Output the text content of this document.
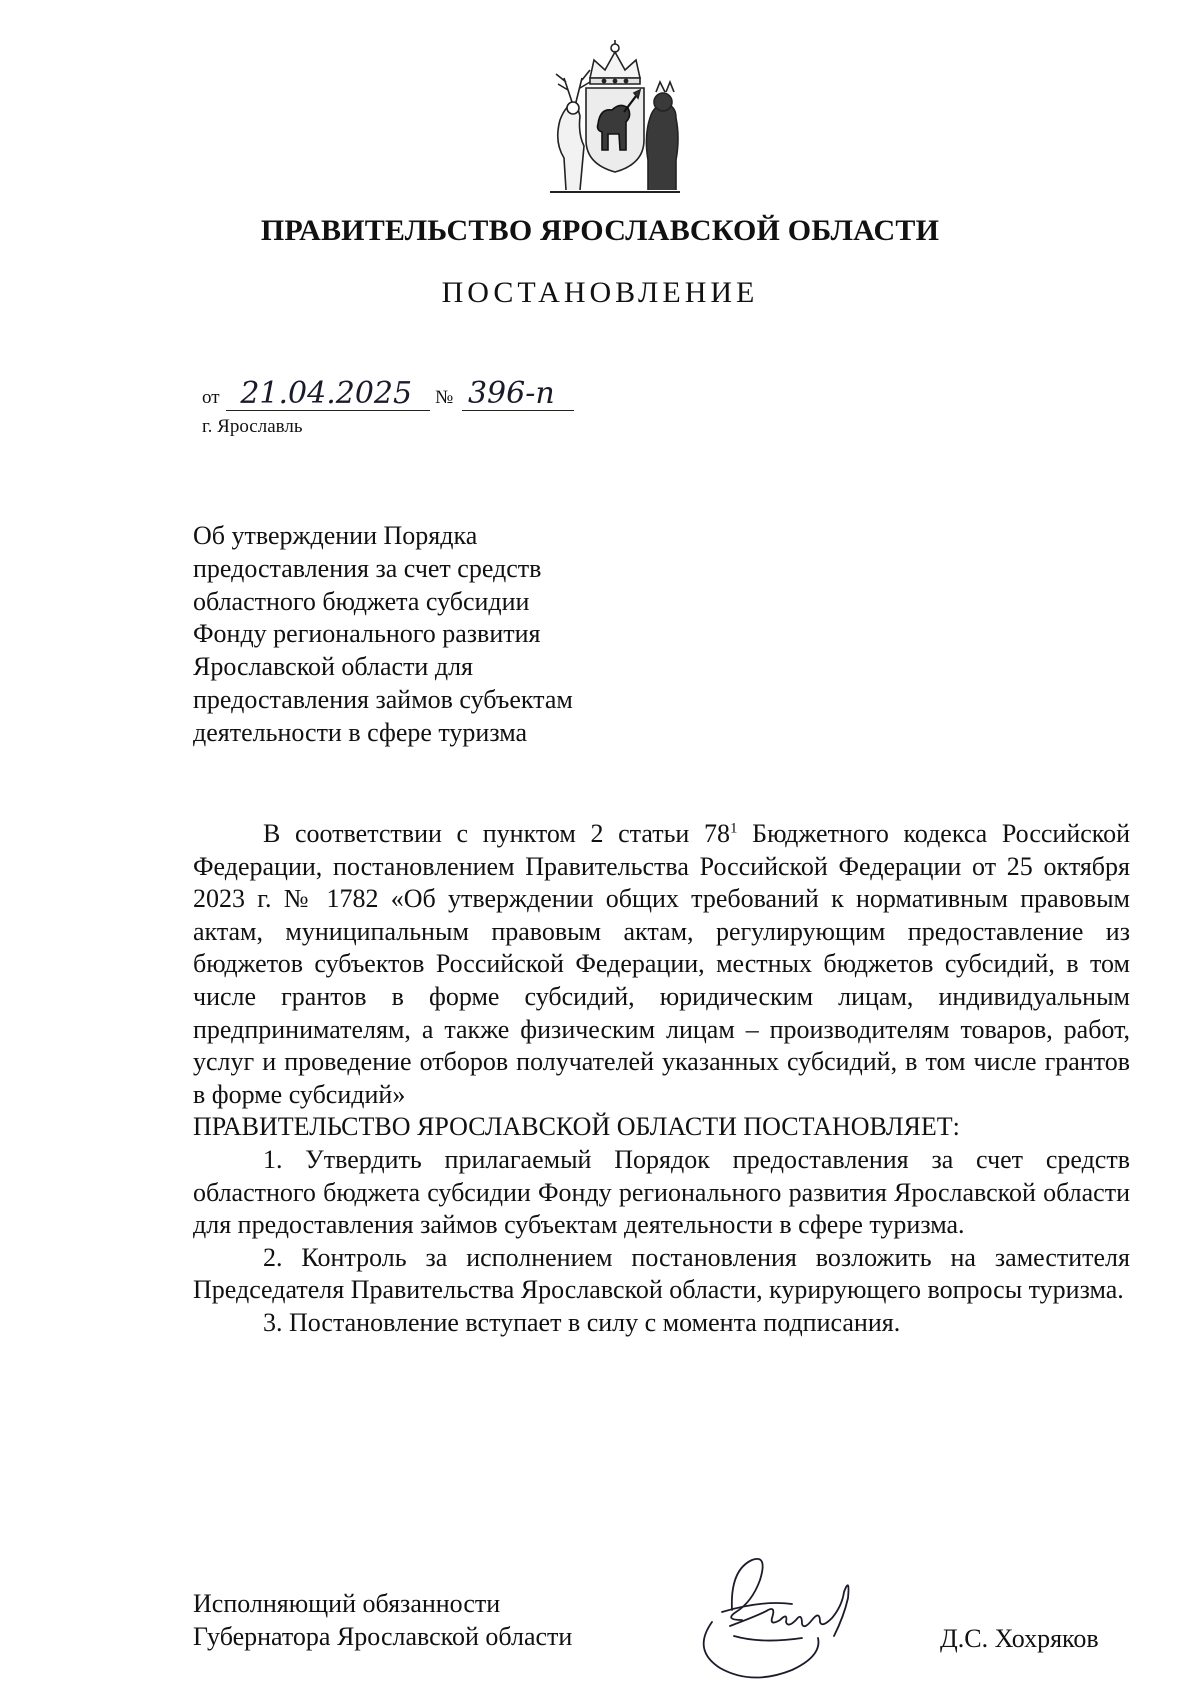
ПРАВИТЕЛЬСТВО ЯРОСЛАВСКОЙ ОБЛАСТИ
ПОСТАНОВЛЕНИЕ
от 21.04.2025 № 396-п
г. Ярославль
Об утверждении Порядка
предоставления за счет средств
областного бюджета субсидии
Фонду регионального развития
Ярославской области для
предоставления займов субъектам
деятельности в сфере туризма

В соответствии с пунктом 2 статьи $78^1$ Бюджетного кодекса Российской Федерации, постановлением Правительства Российской Федерации от 25 октября 2023 г. № 1782 «Об утверждении общих требований к нормативным правовым актам, муниципальным правовым актам, регулирующим предоставление из бюджетов субъектов Российской Федерации, местных бюджетов субсидий, в том числе грантов в форме субсидий, юридическим лицам, индивидуальным предпринимателям, а также физическим лицам – производителям товаров, работ, услуг и проведение отборов получателей указанных субсидий, в том числе грантов в форме субсидий»

ПРАВИТЕЛЬСТВО ЯРОСЛАВСКОЙ ОБЛАСТИ ПОСТАНОВЛЯЕТ:

1. Утвердить прилагаемый Порядок предоставления за счет средств областного бюджета субсидии Фонду регионального развития Ярославской области для предоставления займов субъектам деятельности в сфере туризма.

2. Контроль за исполнением постановления возложить на заместителя Председателя Правительства Ярославской области, курирующего вопросы туризма.

3. Постановление вступает в силу с момента подписания.

Исполняющий обязанности
Губернатора Ярославской области	Д.С. Хохряков
